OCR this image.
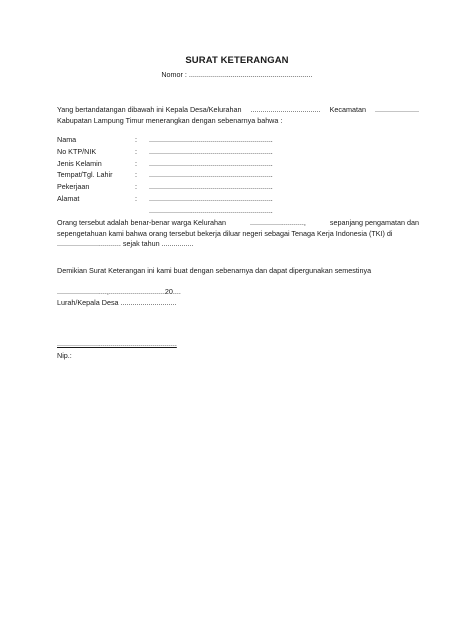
SURAT KETERANGAN
Nomor : ..............................................................
Yang bertandatangan dibawah ini Kepala Desa/Kelurahan ................................... Kecamatan ......................
Kabupatan Lampung Timur menerangkan dengan sebenarnya bahwa :
Nama	: ..............................................................
No KTP/NIK	: ..............................................................
Jenis Kelamin	: ..............................................................
Tempat/Tgl. Lahir	: ..............................................................
Pekerjaan	: ..............................................................
Alamat	: ..............................................................
..............................................................
Orang tersebut adalah benar-benar warga Kelurahan	...........................,	sepanjang pengamatan dan
sepengetahuan kami bahwa orang tersebut bekerja diluar negeri sebagai Tenaga Kerja Indonesia (TKI) di
................................ sejak tahun ................
Demikian Surat Keterangan ini kami buat dengan sebenarnya dan dapat dipergunakan semestinya
.........................,............................20....
Lurah/Kepala Desa ............................
............................................................
Nip.:
